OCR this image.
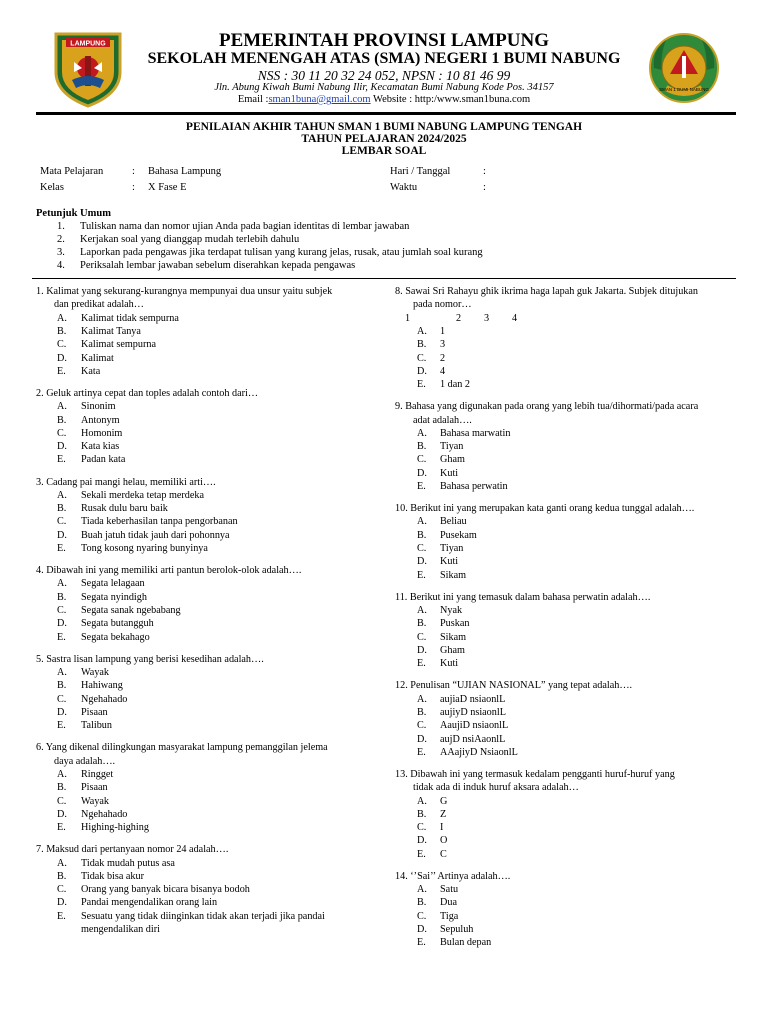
LAMPUNG
SMAN 1 BUMI NABUNG
PEMERINTAH PROVINSI LAMPUNG
SEKOLAH MENENGAH ATAS (SMA) NEGERI 1 BUMI NABUNG
NSS : 30 11 20 32 24 052, NPSN : 10 81 46 99
Jln. Abung Kiwah Bumi Nabung Ilir, Kecamatan Bumi Nabung Kode Pos. 34157
Email :sman1buna@gmail.com Website : http:/www.sman1buna.com
PENILAIAN AKHIR TAHUN SMAN 1 BUMI NABUNG LAMPUNG TENGAH
TAHUN PELAJARAN 2024/2025
LEMBAR SOAL
Mata Pelajaran	: Bahasa Lampung
Kelas	: X Fase E
Hari / Tanggal	:
Waktu	:
Petunjuk Umum
1. Tuliskan nama dan nomor ujian Anda pada bagian identitas di lembar jawaban
2. Kerjakan soal yang dianggap mudah terlebih dahulu
3. Laporkan pada pengawas jika terdapat tulisan yang kurang jelas, rusak, atau jumlah soal kurang
4. Periksalah lembar jawaban sebelum diserahkan kepada pengawas
1. Kalimat yang sekurang-kurangnya mempunyai dua unsur yaitu subjek
dan predikat adalah…
A. Kalimat tidak sempurna
B. Kalimat Tanya
C. Kalimat sempurna
D. Kalimat
E. Kata
2. Geluk artinya cepat dan toples adalah contoh dari…
A. Sinonim
B. Antonym
C. Homonim
D. Kata kias
E. Padan kata
3. Cadang pai mangi helau, memiliki arti….
A. Sekali merdeka tetap merdeka
B. Rusak dulu baru baik
C. Tiada keberhasilan tanpa pengorbanan
D. Buah jatuh tidak jauh dari pohonnya
E. Tong kosong nyaring bunyinya
4. Dibawah ini yang memiliki arti pantun berolok-olok adalah….
A. Segata lelagaan
B. Segata nyindigh
C. Segata sanak ngebabang
D. Segata butangguh
E. Segata bekahago
5. Sastra lisan lampung yang berisi kesedihan adalah….
A. Wayak
B. Hahiwang
C. Ngehahado
D. Pisaan
E. Talibun
6. Yang dikenal dilingkungan masyarakat lampung pemanggilan jelema
daya adalah….
A. Ringget
B. Pisaan
C. Wayak
D. Ngehahado
E. Highing-highing
7. Maksud dari pertanyaan nomor 24 adalah….
A. Tidak mudah putus asa
B. Tidak bisa akur
C. Orang yang banyak bicara bisanya bodoh
D. Pandai mengendalikan orang lain
E. Sesuatu yang tidak diinginkan tidak akan terjadi jika pandai
mengendalikan diri
8. Sawai Sri Rahayu ghik ikrima haga lapah guk Jakarta. Subjek ditujukan
pada nomor…
1	2 3 4
A. 1
B. 3
C. 2
D. 4
E. 1 dan 2
9. Bahasa yang digunakan pada orang yang lebih tua/dihormati/pada acara
adat adalah….
A. Bahasa marwatin
B. Tiyan
C. Gham
D. Kuti
E. Bahasa perwatin
10. Berikut ini yang merupakan kata ganti orang kedua tunggal adalah….
A. Beliau
B. Pusekam
C. Tiyan
D. Kuti
E. Sikam
11. Berikut ini yang temasuk dalam bahasa perwatin adalah….
A. Nyak
B. Puskan
C. Sikam
D. Gham
E. Kuti
12. Penulisan “UJIAN NASIONAL” yang tepat adalah….
A. aujiaD nsiaonlL
B. aujiyD nsiaonlL
C. AaujiD nsiaonlL
D. aujD nsiAaonlL
E. AAajiyD NsiaonlL
13. Dibawah ini yang termasuk kedalam pengganti huruf-huruf yang
tidak ada di induk huruf aksara adalah…
A. G
B. Z
C. I
D. O
E. C
14. ‘’Sai’’ Artinya adalah….
A. Satu
B. Dua
C. Tiga
D. Sepuluh
E. Bulan depan
